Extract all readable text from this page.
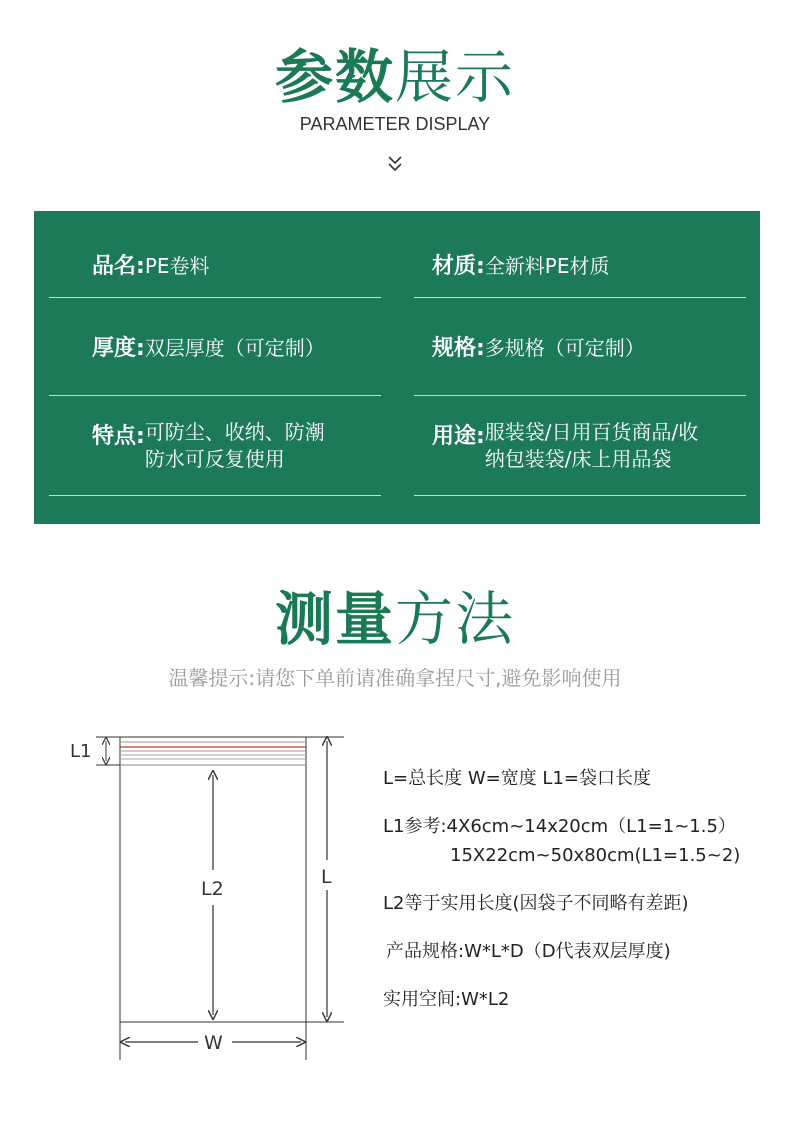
参数展示
PARAMETER DISPLAY
品名:PE卷料	材质:全新料PE材质
厚度:双层厚度（可定制）	规格:多规格（可定制）
特点: 可防尘、收纳、防潮
防水可反复使用
用途: 服装袋/日用百货商品/收
纳包装袋/床上用品袋
测量方法
温馨提示:请您下单前请准确拿捏尺寸,避免影响使用
L1
L2
L
W
L=总长度 W=宽度 L1=袋口长度
L1参考:4X6cm~14x20cm（L1=1~1.5）
15X22cm~50x80cm(L1=1.5~2)
L2等于实用长度(因袋子不同略有差距)
产品规格:W*L*D（D代表双层厚度)
实用空间:W*L2
